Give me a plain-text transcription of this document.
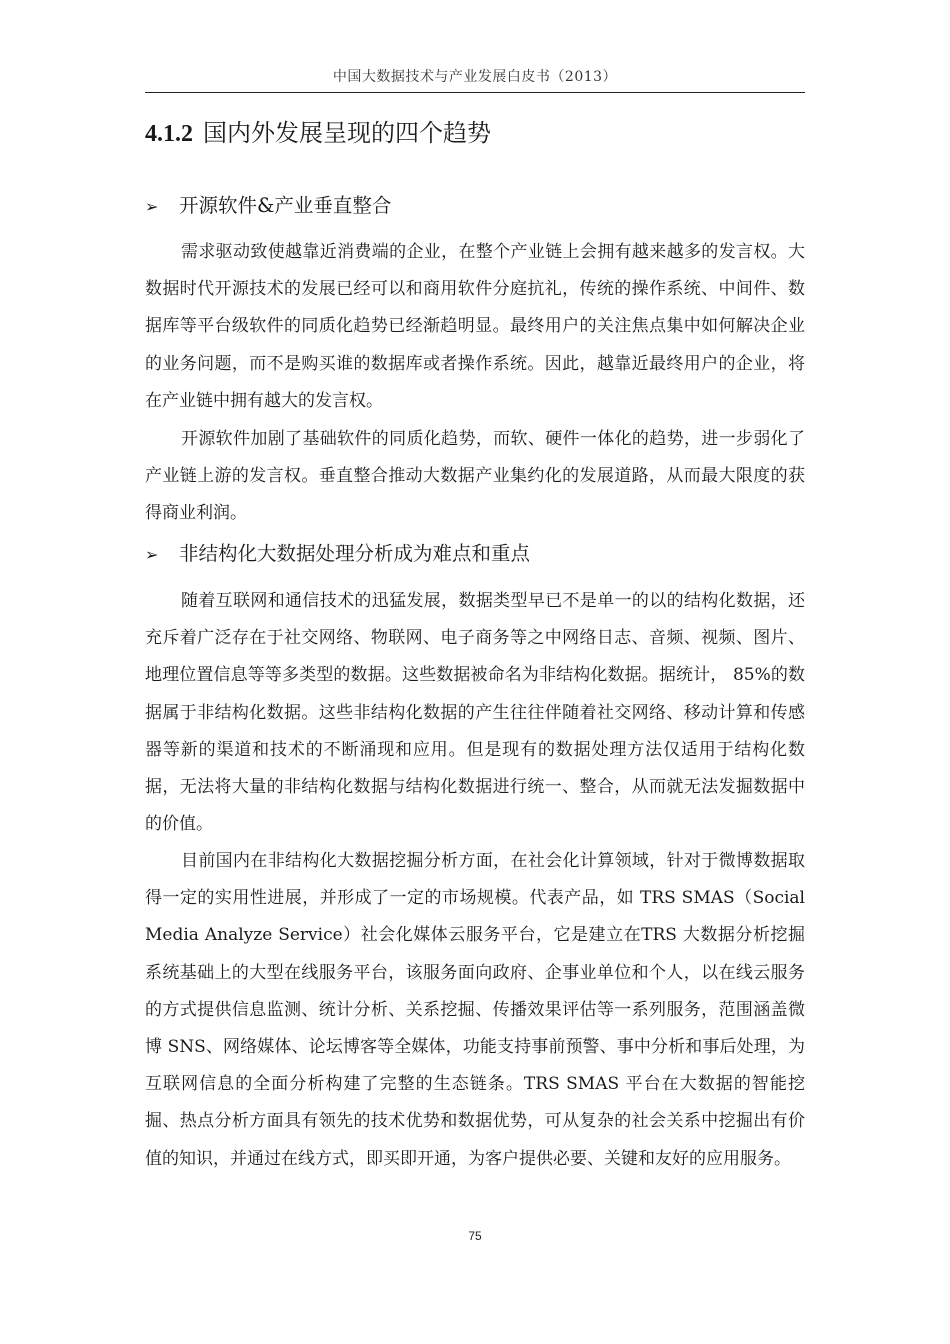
中国大数据技术与产业发展白皮书（2013）
4.1.2 国内外发展呈现的四个趋势
➢ 开源软件&产业垂直整合

需求驱动致使越靠近消费端的企业，在整个产业链上会拥有越来越多的发言权。大数据时代开源技术的发展已经可以和商用软件分庭抗礼，传统的操作系统、中间件、数据库等平台级软件的同质化趋势已经渐趋明显。最终用户的关注焦点集中如何解决企业的业务问题，而不是购买谁的数据库或者操作系统。因此，越靠近最终用户的企业，将在产业链中拥有越大的发言权。

开源软件加剧了基础软件的同质化趋势，而软、硬件一体化的趋势，进一步弱化了产业链上游的发言权。垂直整合推动大数据产业集约化的发展道路，从而最大限度的获得商业利润。

➢ 非结构化大数据处理分析成为难点和重点

随着互联网和通信技术的迅猛发展，数据类型早已不是单一的以的结构化数据，还充斥着广泛存在于社交网络、物联网、电子商务等之中网络日志、音频、视频、图片、地理位置信息等等多类型的数据。这些数据被命名为非结构化数据。据统计， 85%的数据属于非结构化数据。这些非结构化数据的产生往往伴随着社交网络、移动计算和传感器等新的渠道和技术的不断涌现和应用。但是现有的数据处理方法仅适用于结构化数据，无法将大量的非结构化数据与结构化数据进行统一、整合，从而就无法发掘数据中的价值。

目前国内在非结构化大数据挖掘分析方面，在社会化计算领域，针对于微博数据取得一定的实用性进展，并形成了一定的市场规模。代表产品，如 TRS SMAS（Social Media Analyze Service）社会化媒体云服务平台，它是建立在TRS 大数据分析挖掘系统基础上的大型在线服务平台，该服务面向政府、企事业单位和个人，以在线云服务的方式提供信息监测、统计分析、关系挖掘、传播效果评估等一系列服务，范围涵盖微博 SNS、网络媒体、论坛博客等全媒体，功能支持事前预警、事中分析和事后处理，为互联网信息的全面分析构建了完整的生态链条。TRS SMAS 平台在大数据的智能挖掘、热点分析方面具有领先的技术优势和数据优势，可从复杂的社会关系中挖掘出有价值的知识，并通过在线方式，即买即开通，为客户提供必要、关键和友好的应用服务。

75
